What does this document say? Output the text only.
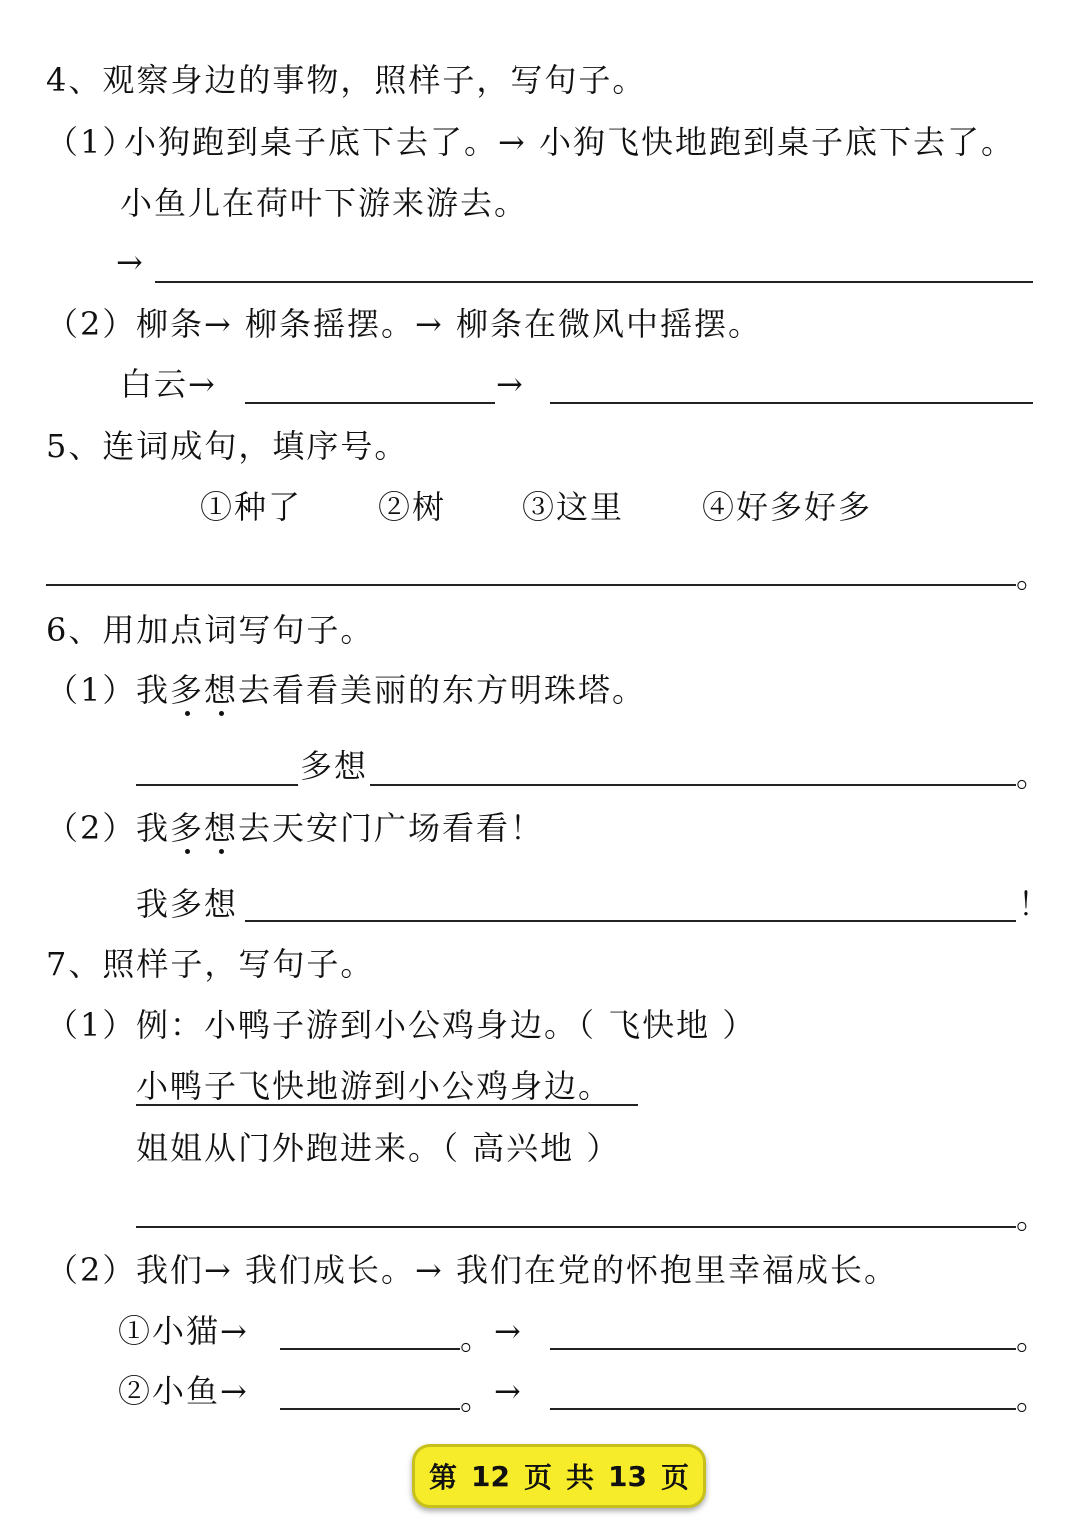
4、观察身边的事物，照样子，写句子。
（1）
小狗跑到桌子底下去了。→ 小狗飞快地跑到桌子底下去了。
小鱼儿在荷叶下游来游去。
→
（2） 柳条→ 柳条摇摆。→ 柳条在微风中摇摆。
白云→	→
5、连词成句，填序号。
①种了 ②树 ③这里 ④好多好多
。
6、用加点词写句子。
（1） 我多想去看看美丽的东方明珠塔。
多想	。
（2） 我多想去天安门广场看看！
我多想	！
7、照样子，写句子。
（1） 例：小鸭子游到小公鸡身边。（ 飞快地 ）
小鸭子飞快地游到小公鸡身边。
姐姐从门外跑进来。（ 高兴地 ）
。
（2） 我们→ 我们成长。→ 我们在党的怀抱里幸福成长。
①小猫→	。 →	。
②小鱼→	。 →	。
第 12 页 共 13 页
